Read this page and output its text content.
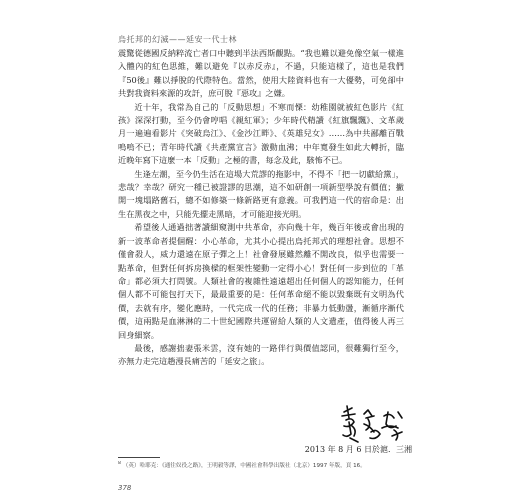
烏托邦的幻滅——延安一代士林

震驚從德國反納粹流亡者口中聽到半法西斯觀點。“我也難以避免像空氣一樣進入體內的紅色思維，難以避免『以赤反赤』，不過，只能這樣了，這也是我們『50後』難以掙脫的代際特色。當然，使用大陸資料也有一大優勢，可免卻中共對我資料來源的攻訐，庶可脫『惡攻』之嫌。

近十年，我常為自己的「反動思想」不寒而慄：幼稚園就被紅色影片《紅孩》深深打動，至今仍會哼唱《親紅軍》；少年時代精讀《紅旗飄飄》、文革歲月一遍遍看影片《突破烏江》、《金沙江畔》、《英雄兒女》……為中共鄙離百戰嗚嗚不已；青年時代讀《共產黨宣言》激動血沸；中年寬發生如此大轉折，臨近晚年寫下這麼一本「反動」之極的書，每念及此，駭怖不已。

生逢左潮，至今仍生活在這場大荒謬的拖影中，不得不「把一切獻給黨」，悲哉？幸哉？研究一種已被證謬的思潮，這不如研創一項新型學說有價值；撇開一塊塌路舊石，總不如修築一條新路更有意義。可我們這一代的宿命是：出生在黑夜之中，只能先擺走黑暗，才可能迎接光明。

希望後人通過拙著讀細窺測中共革命，亦向幾十年，幾百年後或會出現的新一波革命者提個醒：小心革命，尤其小心提出烏托邦式的理想社會。思想不僅會殺人，威力還遠在原子彈之上！社會發展雖然離不開改良，似乎也需要一點革命，但對任何拆房換樑的框架性變動一定得小心！對任何一步到位的「革命」都必須大打問號。人類社會的複雜性遠遠超出任何個人的認知能力，任何個人都不可能包打天下，最最重要的是：任何革命絕不能以毀棄既有文明為代價，去就有序，變化應時，一代完成一代的任務；非暴力低動盪，漸循序漸代價，這兩點是血淋淋的二十世紀國際共運留給人類的人文遺產，值得後人再三回身細察。

最後，感謝拙妻張米雲，沒有她的一路伴行與價值認同，很難獨行至今，亦無力走完這趟漫長痛苦的「延安之旅」。

2013 年 8 月 6 日於滬．三湘
$^8$ （英）哈耶克：《通往奴役之路》，王明毅等譯，中國社會科學出版社（北京）1997 年版，頁 16。
378
